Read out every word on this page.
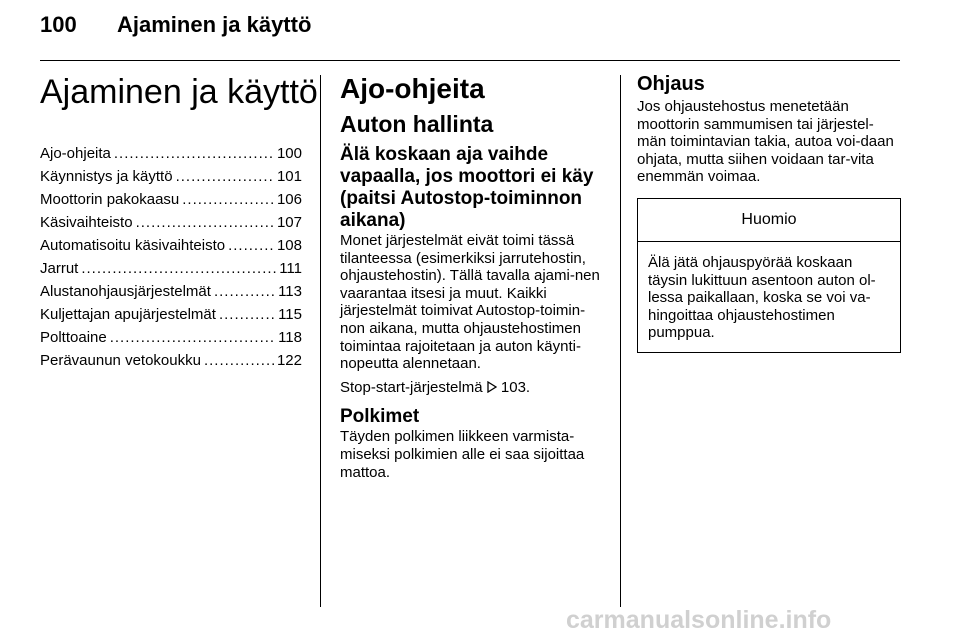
100 Ajaminen ja käyttö
Ajaminen ja käyttö
Ajo-ohjeita .....	100
Käynnistys ja käyttö .....	101
Moottorin pakokaasu .....	106
Käsivaihteisto .....	107
Automatisoitu käsivaihteisto .....	108
Jarrut .....	111
Alustanohjausjärjestelmät .....	113
Kuljettajan apujärjestelmät .....	115
Polttoaine .....	118
Perävaunun vetokoukku .....	122
Ajo-ohjeita
Auton hallinta
Älä koskaan aja vaihde vapaalla, jos moottori ei käy (paitsi Autostop-toiminnon aikana)

Monet järjestelmät eivät toimi tässä tilanteessa (esimerkiksi jarrutehostin, ohjaustehostin). Tällä tavalla ajami-nen vaarantaa itsesi ja muut. Kaikki järjestelmät toimivat Autostop-toimin-non aikana, mutta ohjaustehostimen toimintaa rajoitetaan ja auton käynti-nopeutta alennetaan.

Stop-start-järjestelmä 103.

Polkimet

Täyden polkimen liikkeen varmista-miseksi polkimien alle ei saa sijoittaa mattoa.

Ohjaus

Jos ohjaustehostus menetetään moottorin sammumisen tai järjestel-män toimintavian takia, autoa voi-daan ohjata, mutta siihen voidaan tar-vita enemmän voimaa.

Huomio
Älä jätä ohjauspyörää koskaan täysin lukittuun asentoon auton ol-lessa paikallaan, koska se voi va-hingoittaa ohjaustehostimen pumppua.
carmanualsonline.info
